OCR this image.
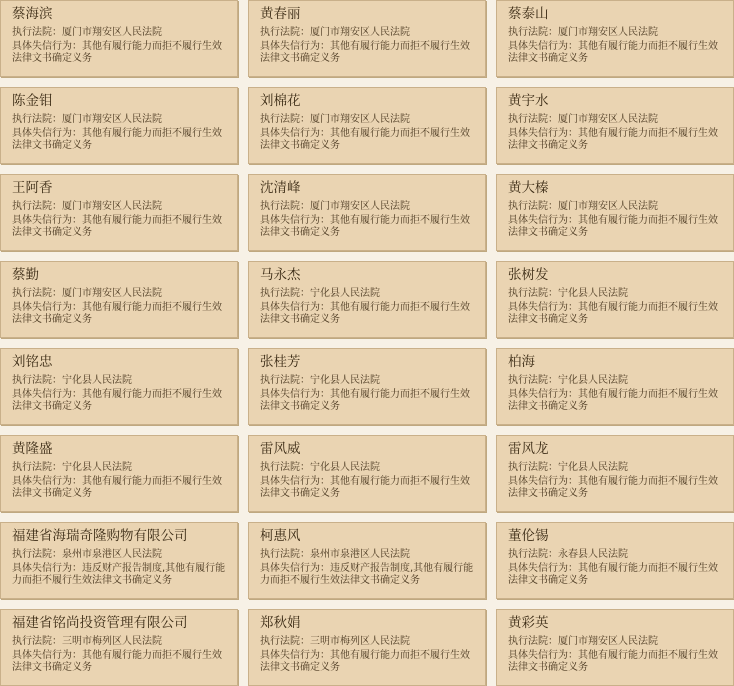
蔡海滨
执行法院：厦门市翔安区人民法院
具体失信行为：其他有履行能力而拒不履行生效法律文书确定义务
黄春丽
执行法院：厦门市翔安区人民法院
具体失信行为：其他有履行能力而拒不履行生效法律文书确定义务
蔡泰山
执行法院：厦门市翔安区人民法院
具体失信行为：其他有履行能力而拒不履行生效法律文书确定义务
陈金钼
执行法院：厦门市翔安区人民法院
具体失信行为：其他有履行能力而拒不履行生效法律文书确定义务
刘棉花
执行法院：厦门市翔安区人民法院
具体失信行为：其他有履行能力而拒不履行生效法律文书确定义务
黄宇水
执行法院：厦门市翔安区人民法院
具体失信行为：其他有履行能力而拒不履行生效法律文书确定义务
王阿香
执行法院：厦门市翔安区人民法院
具体失信行为：其他有履行能力而拒不履行生效法律文书确定义务
沈清峰
执行法院：厦门市翔安区人民法院
具体失信行为：其他有履行能力而拒不履行生效法律文书确定义务
黄大榛
执行法院：厦门市翔安区人民法院
具体失信行为：其他有履行能力而拒不履行生效法律文书确定义务
蔡勤
执行法院：厦门市翔安区人民法院
具体失信行为：其他有履行能力而拒不履行生效法律文书确定义务
马永杰
执行法院：宁化县人民法院
具体失信行为：其他有履行能力而拒不履行生效法律文书确定义务
张树发
执行法院：宁化县人民法院
具体失信行为：其他有履行能力而拒不履行生效法律文书确定义务
刘铭忠
执行法院：宁化县人民法院
具体失信行为：其他有履行能力而拒不履行生效法律文书确定义务
张桂芳
执行法院：宁化县人民法院
具体失信行为：其他有履行能力而拒不履行生效法律文书确定义务
柏海
执行法院：宁化县人民法院
具体失信行为：其他有履行能力而拒不履行生效法律文书确定义务
黄隆盛
执行法院：宁化县人民法院
具体失信行为：其他有履行能力而拒不履行生效法律文书确定义务
雷风威
执行法院：宁化县人民法院
具体失信行为：其他有履行能力而拒不履行生效法律文书确定义务
雷风龙
执行法院：宁化县人民法院
具体失信行为：其他有履行能力而拒不履行生效法律文书确定义务
福建省海瑞奇隆购物有限公司
执行法院：泉州市泉港区人民法院
具体失信行为：违反财产报告制度,其他有履行能力而拒不履行生效法律文书确定义务
柯惠风
执行法院：泉州市泉港区人民法院
具体失信行为：违反财产报告制度,其他有履行能力而拒不履行生效法律文书确定义务
董伦锡
执行法院：永春县人民法院
具体失信行为：其他有履行能力而拒不履行生效法律文书确定义务
福建省铭尚投资管理有限公司
执行法院：三明市梅列区人民法院
具体失信行为：其他有履行能力而拒不履行生效法律文书确定义务
郑秋娟
执行法院：三明市梅列区人民法院
具体失信行为：其他有履行能力而拒不履行生效法律文书确定义务
黄彩英
执行法院：厦门市翔安区人民法院
具体失信行为：其他有履行能力而拒不履行生效法律文书确定义务
